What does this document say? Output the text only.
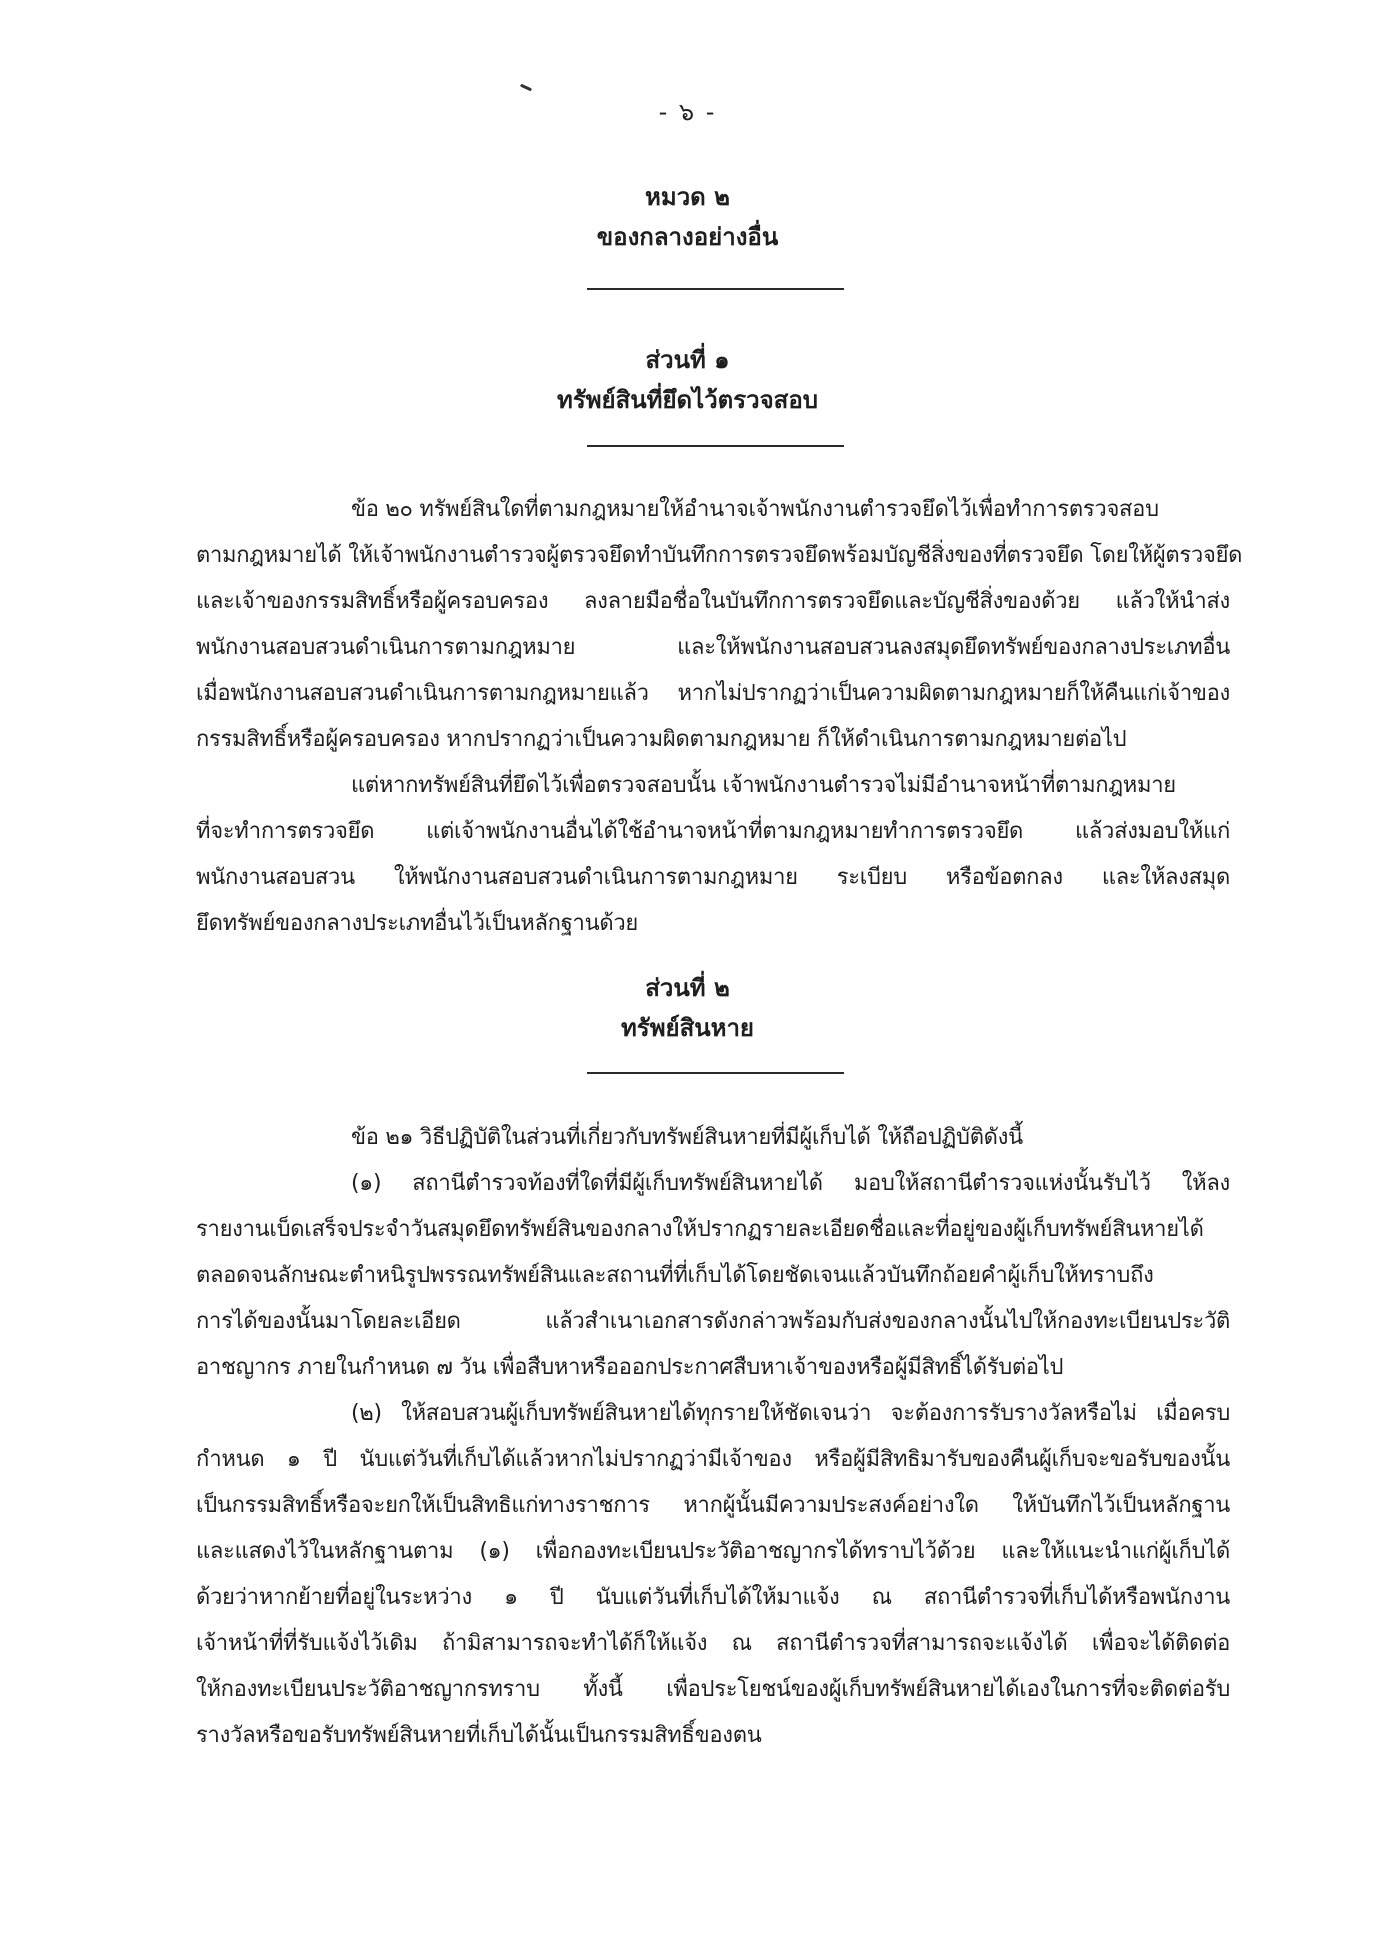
- ๖ -
หมวด ๒
ของกลางอย่างอื่น
ส่วนที่ ๑
ทรัพย์สินที่ยึดไว้ตรวจสอบ
ข้อ ๒๐ ทรัพย์สินใดที่ตามกฎหมายให้อำนาจเจ้าพนักงานตำรวจยึดไว้เพื่อทำการตรวจสอบ
ตามกฎหมายได้ ให้เจ้าพนักงานตำรวจผู้ตรวจยึดทำบันทึกการตรวจยึดพร้อมบัญชีสิ่งของที่ตรวจยึด โดยให้ผู้ตรวจยึด
และเจ้าของกรรมสิทธิ์หรือผู้ครอบครอง ลงลายมือชื่อในบันทึกการตรวจยึดและบัญชีสิ่งของด้วย แล้วให้นำส่ง
พนักงานสอบสวนดำเนินการตามกฎหมาย และให้พนักงานสอบสวนลงสมุดยึดทรัพย์ของกลางประเภทอื่น
เมื่อพนักงานสอบสวนดำเนินการตามกฎหมายแล้ว หากไม่ปรากฏว่าเป็นความผิดตามกฎหมายก็ให้คืนแก่เจ้าของ
กรรมสิทธิ์หรือผู้ครอบครอง หากปรากฏว่าเป็นความผิดตามกฎหมาย ก็ให้ดำเนินการตามกฎหมายต่อไป
แต่หากทรัพย์สินที่ยึดไว้เพื่อตรวจสอบนั้น เจ้าพนักงานตำรวจไม่มีอำนาจหน้าที่ตามกฎหมาย
ที่จะทำการตรวจยึด แต่เจ้าพนักงานอื่นได้ใช้อำนาจหน้าที่ตามกฎหมายทำการตรวจยึด แล้วส่งมอบให้แก่
พนักงานสอบสวน ให้พนักงานสอบสวนดำเนินการตามกฎหมาย ระเบียบ หรือข้อตกลง และให้ลงสมุด
ยึดทรัพย์ของกลางประเภทอื่นไว้เป็นหลักฐานด้วย
ส่วนที่ ๒
ทรัพย์สินหาย
ข้อ ๒๑ วิธีปฏิบัติในส่วนที่เกี่ยวกับทรัพย์สินหายที่มีผู้เก็บได้ ให้ถือปฏิบัติดังนี้
(๑) สถานีตำรวจท้องที่ใดที่มีผู้เก็บทรัพย์สินหายได้ มอบให้สถานีตำรวจแห่งนั้นรับไว้ ให้ลง
รายงานเบ็ดเสร็จประจำวันสมุดยึดทรัพย์สินของกลางให้ปรากฏรายละเอียดชื่อและที่อยู่ของผู้เก็บทรัพย์สินหายได้
ตลอดจนลักษณะตำหนิรูปพรรณทรัพย์สินและสถานที่ที่เก็บได้โดยชัดเจนแล้วบันทึกถ้อยคำผู้เก็บให้ทราบถึง
การได้ของนั้นมาโดยละเอียด แล้วสำเนาเอกสารดังกล่าวพร้อมกับส่งของกลางนั้นไปให้กองทะเบียนประวัติ
อาชญากร ภายในกำหนด ๗ วัน เพื่อสืบหาหรือออกประกาศสืบหาเจ้าของหรือผู้มีสิทธิ์ได้รับต่อไป
(๒) ให้สอบสวนผู้เก็บทรัพย์สินหายได้ทุกรายให้ชัดเจนว่า จะต้องการรับรางวัลหรือไม่ เมื่อครบ
กำหนด ๑ ปี นับแต่วันที่เก็บได้แล้วหากไม่ปรากฏว่ามีเจ้าของ หรือผู้มีสิทธิมารับของคืนผู้เก็บจะขอรับของนั้น
เป็นกรรมสิทธิ์หรือจะยกให้เป็นสิทธิแก่ทางราชการ หากผู้นั้นมีความประสงค์อย่างใด ให้บันทึกไว้เป็นหลักฐาน
และแสดงไว้ในหลักฐานตาม (๑) เพื่อกองทะเบียนประวัติอาชญากรได้ทราบไว้ด้วย และให้แนะนำแก่ผู้เก็บได้
ด้วยว่าหากย้ายที่อยู่ในระหว่าง ๑ ปี นับแต่วันที่เก็บได้ให้มาแจ้ง ณ สถานีตำรวจที่เก็บได้หรือพนักงาน
เจ้าหน้าที่ที่รับแจ้งไว้เดิม ถ้ามิสามารถจะทำได้ก็ให้แจ้ง ณ สถานีตำรวจที่สามารถจะแจ้งได้ เพื่อจะได้ติดต่อ
ให้กองทะเบียนประวัติอาชญากรทราบ ทั้งนี้ เพื่อประโยชน์ของผู้เก็บทรัพย์สินหายได้เองในการที่จะติดต่อรับ
รางวัลหรือขอรับทรัพย์สินหายที่เก็บได้นั้นเป็นกรรมสิทธิ์ของตน
